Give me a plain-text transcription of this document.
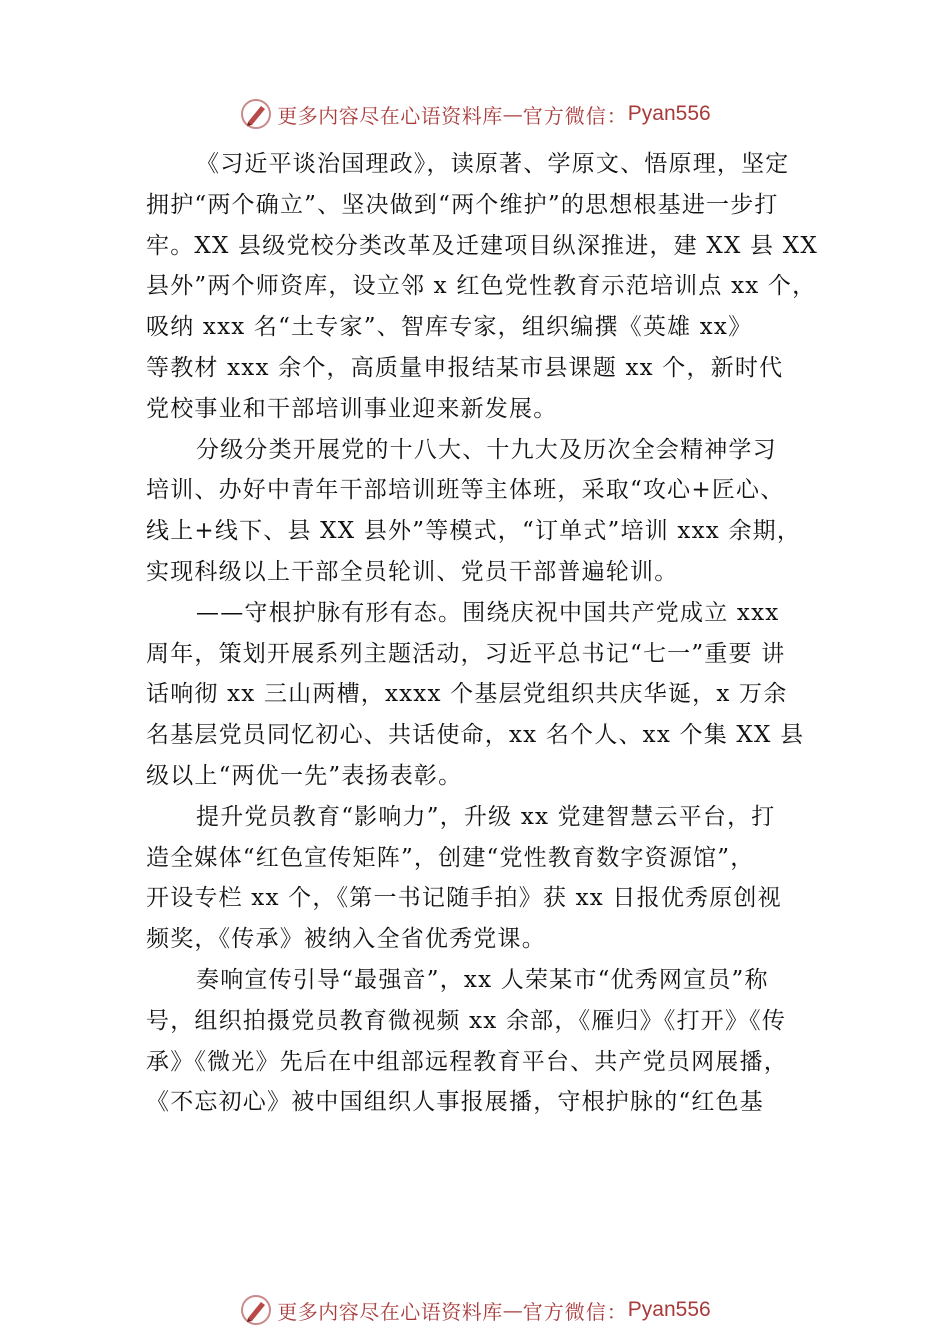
更多内容尽在心语资料库 — 官方微信： Pyan556
《习近平谈治国理政》，读原著、学原文、悟原理，坚定
拥护“两个确立”、坚决做到“两个维护”的思想根基进一步打
牢。XX 县级党校分类改革及迁建项目纵深推进，建 XX 县 XX
县外”两个师资库，设立邻 x 红色党性教育示范培训点 xx 个，
吸纳 xxx 名“土专家”、智库专家，组织编撰《英雄 xx》
等教材 xxx 余个，高质量申报结某市县课题 xx 个，新时代
党校事业和干部培训事业迎来新发展。
分级分类开展党的十八大、十九大及历次全会精神学习
培训、办好中青年干部培训班等主体班，采取“攻心+匠心、
线上+线下、县 XX 县外”等模式，“订单式”培训 xxx 余期，
实现科级以上干部全员轮训、党员干部普遍轮训。
——守根护脉有形有态。围绕庆祝中国共产党成立 xxx
周年，策划开展系列主题活动，习近平总书记“七一”重要 讲
话响彻 xx 三山两槽，xxxx 个基层党组织共庆华诞，x 万余
名基层党员同忆初心、共话使命，xx 名个人、xx 个集 XX 县
级以上“两优一先”表扬表彰。
提升党员教育“影响力”，升级 xx 党建智慧云平台，打
造全媒体“红色宣传矩阵”，创建“党性教育数字资源馆”，
开设专栏 xx 个，《第一书记随手拍》获 xx 日报优秀原创视
频奖，《传承》被纳入全省优秀党课。
奏响宣传引导“最强音”，xx 人荣某市“优秀网宣员”称
号，组织拍摄党员教育微视频 xx 余部，《雁归》《打开》《传
承》《微光》先后在中组部远程教育平台、共产党员网展播，
《不忘初心》被中国组织人事报展播，守根护脉的“红色基
更多内容尽在心语资料库 — 官方微信： Pyan556
